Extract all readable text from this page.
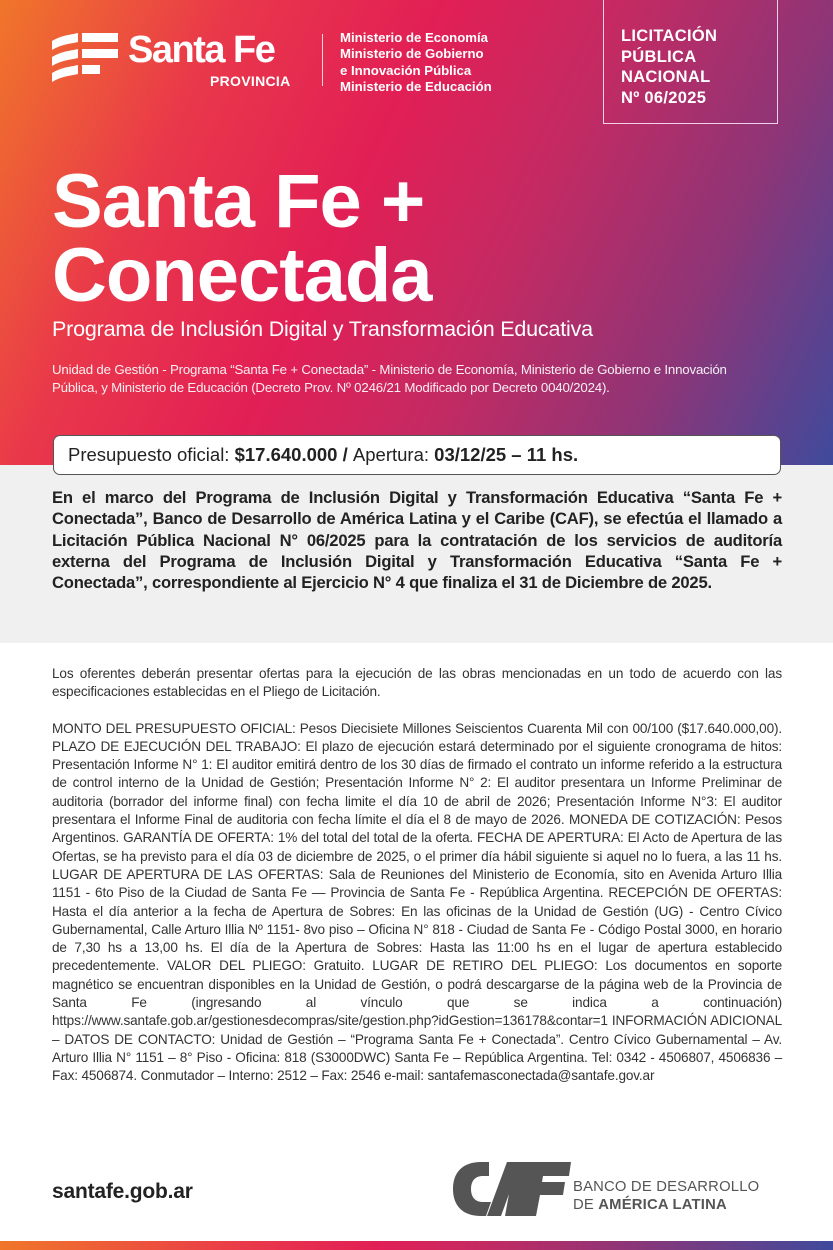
Santa Fe
PROVINCIA
Ministerio de Economía
Ministerio de Gobierno
e Innovación Pública
Ministerio de Educación
LICITACIÓN
PÚBLICA
NACIONAL
Nº 06/2025
Santa Fe +
Conectada
Programa de Inclusión Digital y Transformación Educativa
Unidad de Gestión - Programa “Santa Fe + Conectada” - Ministerio de Economía, Ministerio de Gobierno e Innovación Pública, y Ministerio de Educación (Decreto Prov. Nº 0246/21 Modificado por Decreto 0040/2024).
Presupuesto oficial: $17.640.000 / Apertura: 03/12/25 – 11 hs.
En el marco del Programa de Inclusión Digital y Transformación Educativa “Santa Fe + Conectada”, Banco de Desarrollo de América Latina y el Caribe (CAF), se efectúa el llamado a Licitación Pública Nacional N° 06/2025 para la contratación de los servicios de auditoría externa del Programa de Inclusión Digital y Transformación Educativa “Santa Fe + Conectada”, correspondiente al Ejercicio N° 4 que finaliza el 31 de Diciembre de 2025.

Los oferentes deberán presentar ofertas para la ejecución de las obras mencionadas en un todo de acuerdo con las especificaciones establecidas en el Pliego de Licitación.

MONTO DEL PRESUPUESTO OFICIAL: Pesos Diecisiete Millones Seiscientos Cuarenta Mil con 00/100 ($17.640.000,00). PLAZO DE EJECUCIÓN DEL TRABAJO: El plazo de ejecución estará determinado por el siguiente cronograma de hitos: Presentación Informe N° 1: El auditor emitirá dentro de los 30 días de firmado el contrato un informe referido a la estructura de control interno de la Unidad de Gestión; Presentación Informe N° 2: El auditor presentara un Informe Preliminar de auditoria (borrador del informe final) con fecha limite el día 10 de abril de 2026; Presentación Informe N°3: El auditor presentara el Informe Final de auditoria con fecha límite el día el 8 de mayo de 2026. MONEDA DE COTIZACIÓN: Pesos Argentinos. GARANTÍA DE OFERTA: 1% del total del total de la oferta. FECHA DE APERTURA: El Acto de Apertura de las Ofertas, se ha previsto para el día 03 de diciembre de 2025, o el primer día hábil siguiente si aquel no lo fuera, a las 11 hs. LUGAR DE APERTURA DE LAS OFERTAS: Sala de Reuniones del Ministerio de Economía, sito en Avenida Arturo Illia 1151 - 6to Piso de la Ciudad de Santa Fe — Provincia de Santa Fe - República Argentina. RECEPCIÓN DE OFERTAS: Hasta el día anterior a la fecha de Apertura de Sobres: En las oficinas de la Unidad de Gestión (UG) - Centro Cívico Gubernamental, Calle Arturo Illia Nº 1151- 8vo piso – Oficina N° 818 - Ciudad de Santa Fe - Código Postal 3000, en horario de 7,30 hs a 13,00 hs. El día de la Apertura de Sobres: Hasta las 11:00 hs en el lugar de apertura establecido precedentemente. VALOR DEL PLIEGO: Gratuito. LUGAR DE RETIRO DEL PLIEGO: Los documentos en soporte magnético se encuentran disponibles en la Unidad de Gestión, o podrá descargarse de la página web de la Provincia de Santa Fe (ingresando al vínculo que se indica a continuación) https://www.santafe.gob.ar/gestionesdecompras/site/gestion.php?idGestion=136178&contar=1 INFORMACIÓN ADICIONAL – DATOS DE CONTACTO: Unidad de Gestión – “Programa Santa Fe + Conectada”. Centro Cívico Gubernamental – Av. Arturo Illia N° 1151 – 8° Piso - Oficina: 818 (S3000DWC) Santa Fe – República Argentina. Tel: 0342 - 4506807, 4506836 – Fax: 4506874. Conmutador – Interno: 2512 – Fax: 2546 e-mail: santafemasconectada@santafe.gov.ar

santafe.gob.ar	BANCO DE DESARROLLO
DE AMÉRICA LATINA
